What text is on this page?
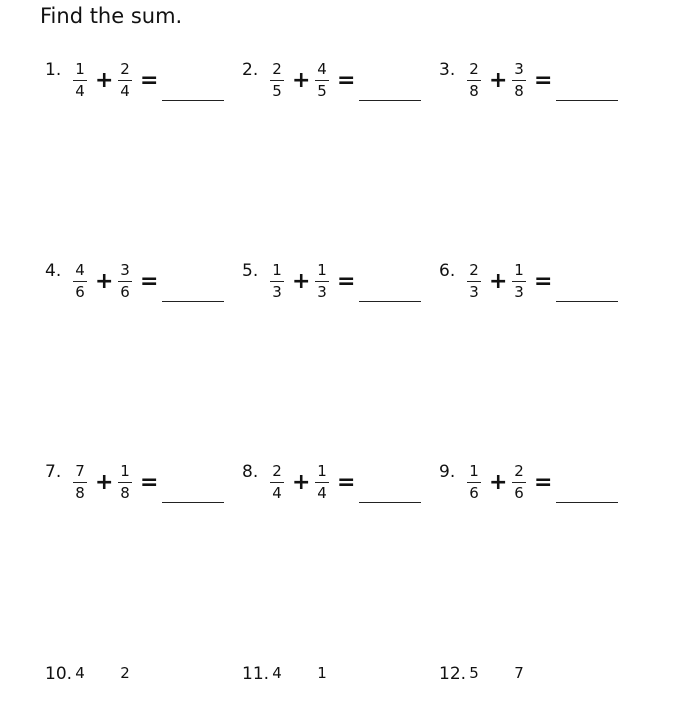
Find the sum.
1. 1
4 + 2
4 =	2. 2
5 + 4
5 =	3. 2
8 + 3
8 =
4. 4
6 + 3
6 =	5. 1
3 + 1
3 =	6. 2
3 + 1
3 =
7. 7
8 + 1
8 =	8. 2
4 + 1
4 =	9. 1
6 + 2
6 =
10. 4 2	11. 4 1	12. 5 7
